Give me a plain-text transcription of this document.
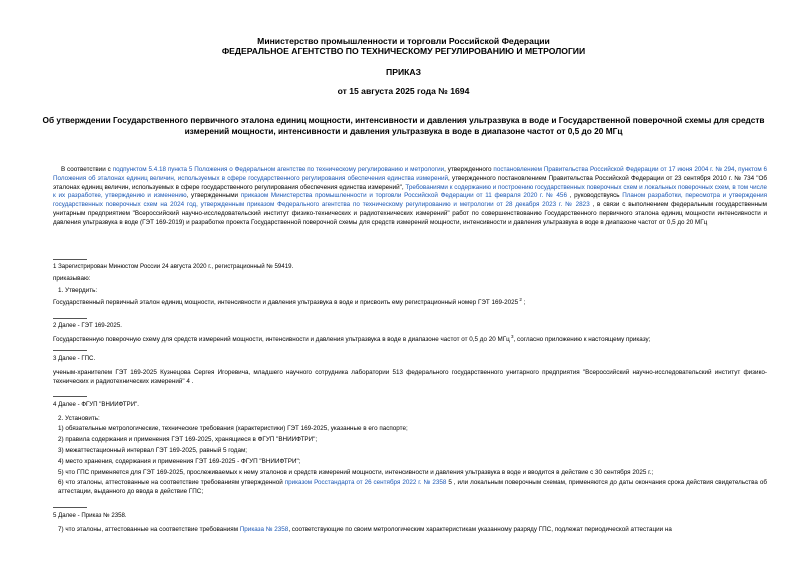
Министерство промышленности и торговли Российской Федерации
ФЕДЕРАЛЬНОЕ АГЕНТСТВО ПО ТЕХНИЧЕСКОМУ РЕГУЛИРОВАНИЮ И МЕТРОЛОГИИ
ПРИКАЗ
от 15 августа 2025 года № 1694
Об утверждении Государственного первичного эталона единиц мощности, интенсивности и давления ультразвука в воде и Государственной поверочной схемы для средств измерений мощности, интенсивности и давления ультразвука в воде в диапазоне частот от 0,5 до 20 МГц
В соответствии с подпунктом 5.4.18 пункта 5 Положения о Федеральном агентстве по техническому регулированию и метрологии, утвержденного постановлением Правительства Российской Федерации от 17 июня 2004 г. № 294, пунктом 6 Положения об эталонах единиц величин, используемых в сфере государственного регулирования обеспечения единства измерений, утвержденного постановлением Правительства Российской Федерации от 23 сентября 2010 г. № 734 "Об эталонах единиц величин, используемых в сфере государственного регулирования обеспечения единства измерений", Требованиями к содержанию и построению государственных поверочных схем и локальных поверочных схем, в том числе к их разработке, утверждению и изменению, утвержденными приказом Министерства промышленности и торговли Российской Федерации от 11 февраля 2020 г. № 456 , руководствуясь Планом разработки, пересмотра и утверждения государственных поверочных схем на 2024 год, утвержденным приказом Федерального агентства по техническому регулированию и метрологии от 28 декабря 2023 г. № 2823 , в связи с выполнением федеральным государственным унитарным предприятием "Всероссийский научно-исследовательский институт физико-технических и радиотехнических измерений" работ по совершенствованию Государственного первичного эталона единиц мощности интенсивности и давления ультразвука в воде (ГЭТ 169-2019) и разработке проекта Государственной поверочной схемы для средств измерений мощности, интенсивности и давления ультразвука в воде в диапазоне частот от 0,5 до 20 МГц
1 Зарегистрирован Минюстом России 24 августа 2020 г., регистрационный № 59419.
приказываю:
1. Утвердить:
Государственный первичный эталон единиц мощности, интенсивности и давления ультразвука в воде и присвоить ему регистрационный номер ГЭТ 169-2025 $^2$ ;
2 Далее - ГЭТ 169-2025.
Государственную поверочную схему для средств измерений мощности, интенсивности и давления ультразвука в воде в диапазоне частот от 0,5 до 20 МГц $^3$, согласно приложению к настоящему приказу;
3 Далее - ГПС.
ученым-хранителем ГЭТ 169-2025 Кузнецова Сергея Игоревича, младшего научного сотрудника лаборатории 513 федерального государственного унитарного предприятия "Всероссийский научно-исследовательский институт физико-технических и радиотехнических измерений" 4 .
4 Далее - ФГУП "ВНИИФТРИ".
2. Установить:
1) обязательные метрологические, технические требования (характеристики) ГЭТ 169-2025, указанные в его паспорте;
2) правила содержания и применения ГЭТ 169-2025, хранящиеся в ФГУП "ВНИИФТРИ";
3) межаттестационный интервал ГЭТ 169-2025, равный 5 годам;
4) место хранения, содержания и применения ГЭТ 169-2025 - ФГУП "ВНИИФТРИ";
5) что ГПС применяется для ГЭТ 169-2025, прослеживаемых к нему эталонов и средств измерений мощности, интенсивности и давления ультразвука в воде и вводится в действие с 30 сентября 2025 г.;
6) что эталоны, аттестованные на соответствие требованиям утвержденной приказом Росстандарта от 26 сентября 2022 г. № 2358 5 , или локальным поверочным схемам, применяются до даты окончания срока действия свидетельства об аттестации, выданного до ввода в действие ГПС;
5 Далее - Приказ № 2358.
7) что эталоны, аттестованные на соответствие требованиям Приказа № 2358, соответствующие по своим метрологическим характеристикам указанному разряду ГПС, подлежат периодической аттестации на
